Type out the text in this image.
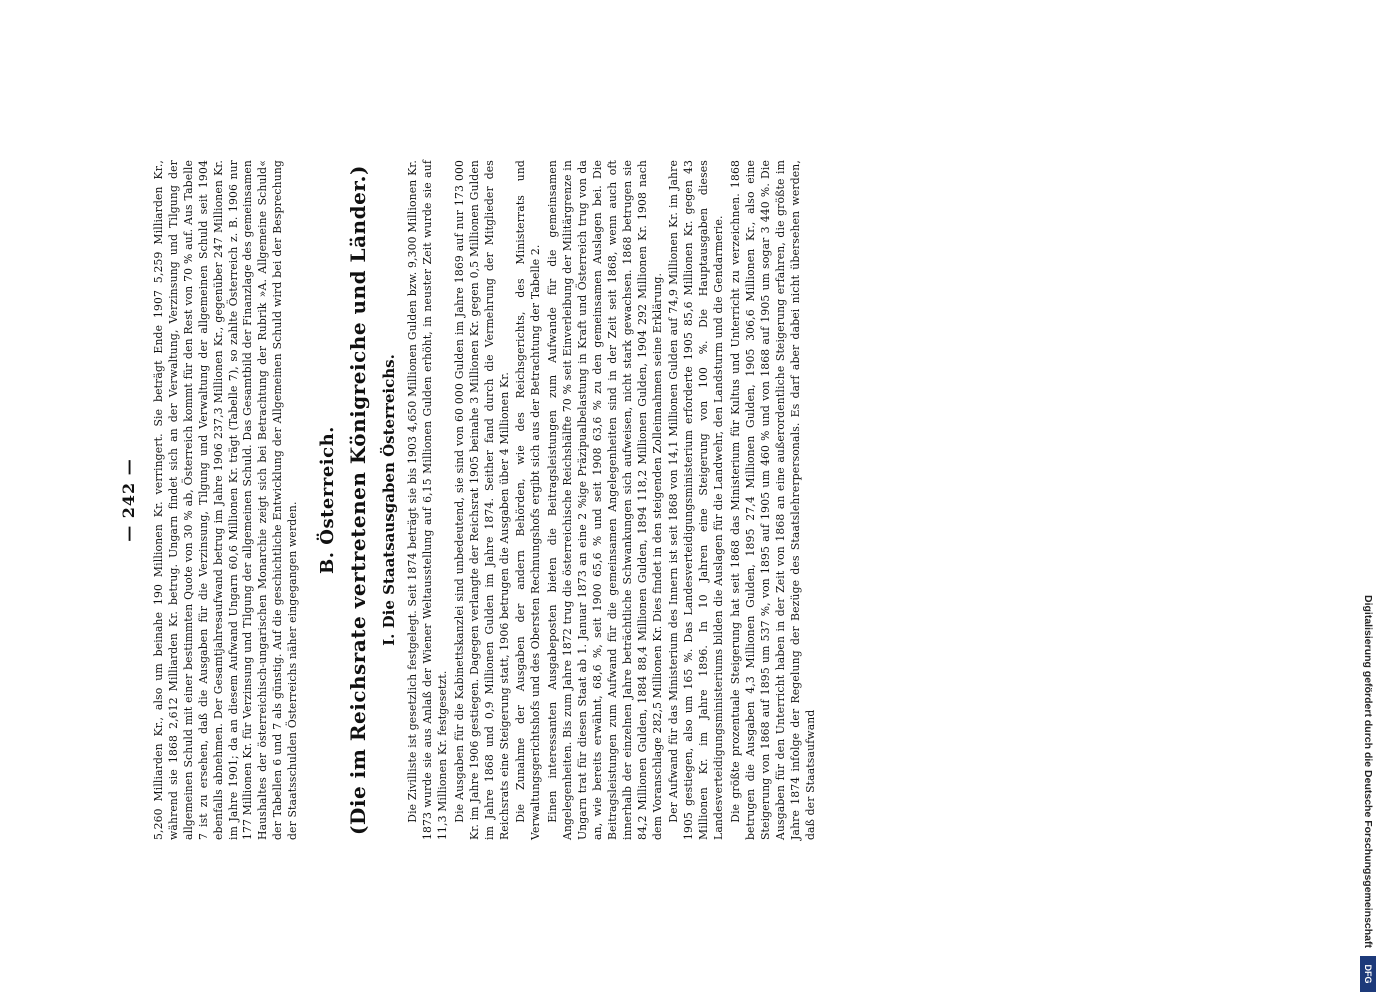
— 242 — 5,260 Milliarden Kr., also um beinahe 190 Millionen Kr. verringert. Sie beträgt Ende 1907 5,259 Milliarden Kr., während sie 1868 2,612 Milliarden Kr. betrug. Ungarn findet sich an der Verwaltung, Verzinsung und Tilgung der allgemeinen Schuld mit einer bestimmten Quote von 30 % ab, Österreich kommt für den Rest von 70 % auf. Aus Tabelle 7 ist zu ersehen, daß die Ausgaben für die Verzinsung, Tilgung und Verwaltung der allgemeinen Schuld seit 1904 ebenfalls abnehmen. Der Gesamtjahresaufwand betrug im Jahre 1906 237,3 Millionen Kr., gegenüber 247 Millionen Kr. im Jahre 1901; da an diesem Aufwand Ungarn 60,6 Millionen Kr. trägt (Tabelle 7), so zahlte Österreich z. B. 1906 nur 177 Millionen Kr. für Verzinsung und Tilgung der allgemeinen Schuld. Das Gesamtbild der Finanzlage des gemeinsamen Haushaltes der österreichisch-ungarischen Monarchie zeigt sich bei Betrachtung der Rubrik »A. Allgemeine Schuld« der Tabellen 6 und 7 als günstig. Auf die geschichtliche Entwicklung der Allgemeinen Schuld wird bei der Besprechung der Staatsschulden Österreichs näher eingegangen werden.

B. Österreich. (Die im Reichsrate vertretenen Königreiche und Länder.) I. Die Staatsausgaben Österreichs. Die Zivilliste ist gesetzlich festgelegt. Seit 1874 beträgt sie bis 1903 4,650 Millionen Gulden bzw. 9,300 Millionen Kr. 1873 wurde sie aus Anlaß der Wiener Weltausstellung auf 6,15 Millionen Gulden erhöht, in neuster Zeit wurde sie auf 11,3 Millionen Kr. festgesetzt. Die Ausgaben für die Kabinettskanzlei sind unbedeutend, sie sind von 60 000 Gulden im Jahre 1869 auf nur 173 000 Kr. im Jahre 1906 gestiegen. Dagegen verlangte der Reichsrat 1905 beinahe 3 Millionen Kr. gegen 0,5 Millionen Gulden im Jahre 1868 und 0,9 Millionen Gulden im Jahre 1874. Seither fand durch die Vermehrung der Mitglieder des Reichsrats eine Steigerung statt, 1906 betrugen die Ausgaben über 4 Millionen Kr. Die Zunahme der Ausgaben der andern Behörden, wie des Reichsgerichts, des Ministerrats und Verwaltungsgerichtshofs und des Obersten Rechnungshofs ergibt sich aus der Betrachtung der Tabelle 2. Einen interessanten Ausgabeposten bieten die Beitragsleistungen zum Aufwande für die gemeinsamen Angelegenheiten. Bis zum Jahre 1872 trug die österreichische Reichshälfte 70 % seit Einverleibung der Militärgrenze in Ungarn trat für diesen Staat ab 1. Januar 1873 an eine 2 %ige Präzipualbelastung in Kraft und Österreich trug von da an, wie bereits erwähnt, 68,6 %, seit 1900 65,6 % und seit 1908 63,6 % zu den gemeinsamen Auslagen bei. Die Beitragsleistungen zum Aufwand für die gemeinsamen Angelegenheiten sind in der Zeit seit 1868, wenn auch oft innerhalb der einzelnen Jahre beträchtliche Schwankungen sich aufweisen, nicht stark gewachsen. 1868 betrugen sie 84,2 Millionen Gulden, 1884 88,4 Millionen Gulden, 1894 118,2 Millionen Gulden, 1904 292 Millionen Kr. 1908 nach dem Voranschlage 282,5 Millionen Kr. Dies findet in den steigenden Zolleinnahmen seine Erklärung. Der Aufwand für das Ministerium des Innern ist seit 1868 von 14,1 Millionen Gulden auf 74,9 Millionen Kr. im Jahre 1905 gestiegen, also um 165 %. Das Landesverteidigungsministerium erforderte 1905 85,6 Millionen Kr. gegen 43 Millionen Kr. im Jahre 1896. In 10 Jahren eine Steigerung von 100 %. Die Hauptausgaben dieses Landesverteidigungsministeriums bilden die Auslagen für die Landwehr, den Landsturm und die Gendarmerie. Die größte prozentuale Steigerung hat seit 1868 das Ministerium für Kultus und Unterricht zu verzeichnen. 1868 betrugen die Ausgaben 4,3 Millionen Gulden, 1895 27,4 Millionen Gulden, 1905 306,6 Millionen Kr., also eine Steigerung von 1868 auf 1895 um 537 %, von 1895 auf 1905 um 460 % und von 1868 auf 1905 um sogar 3 440 %. Die Ausgaben für den Unterricht haben in der Zeit von 1868 an eine außerordentliche Steigerung erfahren, die größte im Jahre 1874 infolge der Regelung der Bezüge des Staatslehrerpersonals. Es darf aber dabei nicht übersehen werden, daß der Staatsaufwand	Digitalisierung gefördert durch die Deutsche Forschungsgemeinschaft
DFG
